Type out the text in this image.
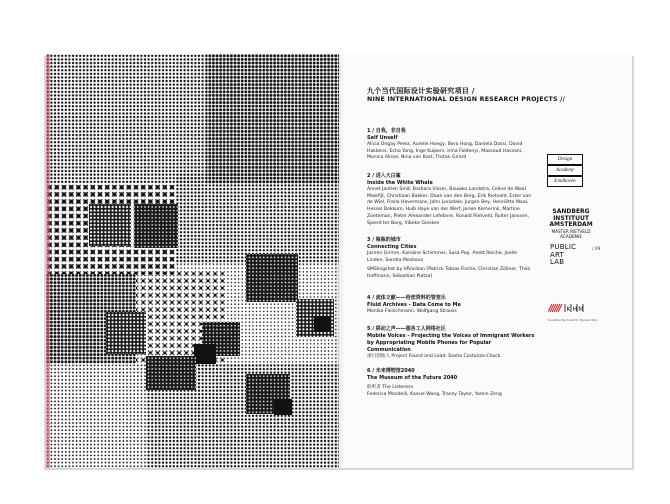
九个当代国际设计实验研究项目 /
NINE INTERNATIONAL DESIGN RESEARCH PROJECTS //
1 / 自我，非自我
Self Unself
Alicia Ongay Perez, Aurelie Hoegy, Bera Hong, Daniela Dossi, David Hakkens, Echo Yang, Inge Kuipers, Irma Foldenyi, Massoud Hassani, Monica Alisse, Nina van Bart, Tristan Girard
2 / 进入大白鲨
Inside the White Whale
Annet Jantien Smit, Barbara Visser, Bouwko Landstra, Celine de Waal Malefijt, Christiaan Bakker, Daan van den Berg, Erik Rietveld, Ester van de Wiel, Frank Havermans, John Lonsdale, Jurgen Bey, Henriëtte Waal, Hessel Dokkum, Huib Haye van der Werf, Jorien Kemerink, Martine Zoeteman, Pieter Alexander Lefebvre, Ronald Rietveld, Ruiter Janssen, Sjoerd ter Borg, Vibeke Gieskes
3 / 瓶瓶的城市
Connecting Cities
Jasmin Grimm, Karoline Schimmer, Susa Pop, Anett Reiche, Joelle Linden, Sandra Moskova
SMSlingshot by VR/urban [Patrick Tobias Fische, Christian Zöllner, Thilo Hoffmann, Sebastian Piatza]
4 / 流体文献——给您资料的管笼乐
Fluid Archives - Data Come to Me
Monika Fleischmann, Wolfgang Strauss
5 / 移动之声——服务工人网络社区
Mobile Voices - Projecting the Voices of Immigrant Workers by Appropriating Mobile Phones for Popular Communication
项目创始人 Project Found and Lead: Sasha Costanza-Chock
6 / 未来博物馆2040
The Museum of the Future 2040
聆听者 The Listeners
Federica Mandelli, Kassie Wong, Tracey Taylor, Yamin Zeng
Design
Academy
Eindhoven
SANDBERG
INSTITUUT
AMSTERDAM
MASTER RIETVELD ACADEMIE
PUBLIC
ART
LAB
K H M
Kunsthochschule für Medien Köln
/ 09
